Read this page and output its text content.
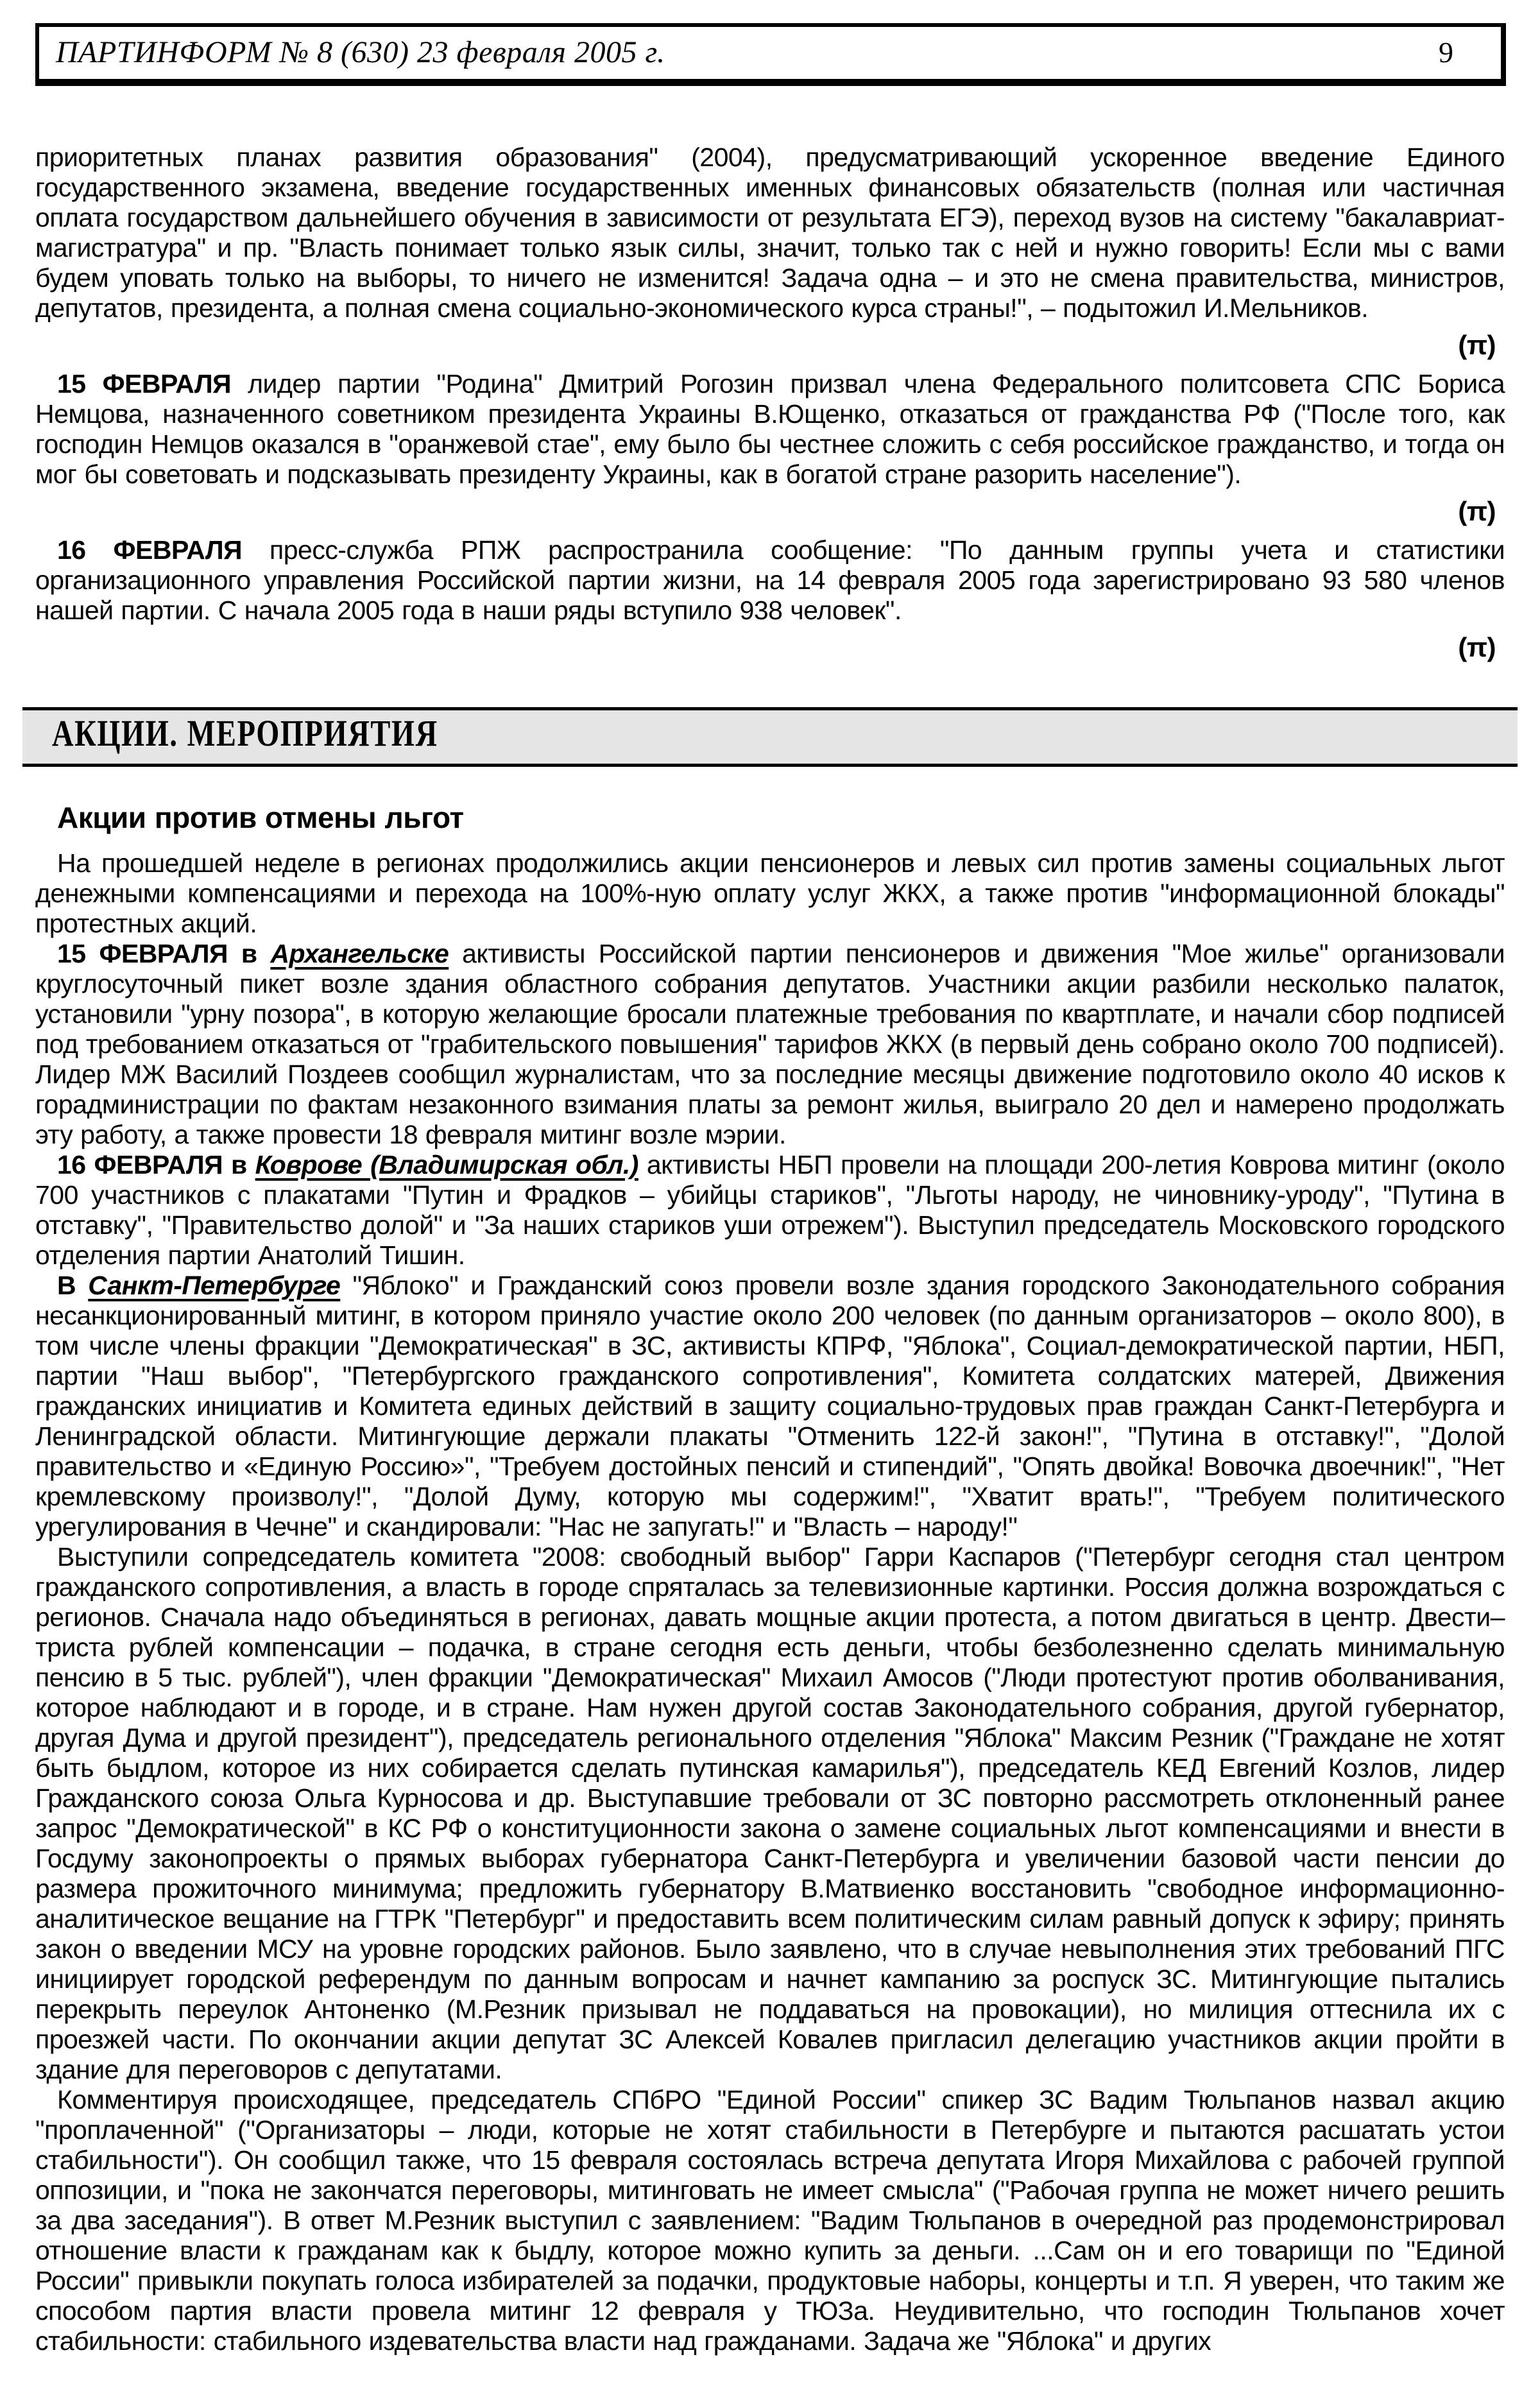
ПАРТИНФОРМ № 8 (630) 23 февраля 2005 г.	9

приоритетных планах развития образования" (2004), предусматривающий ускоренное введение Единого государственного экзамена, введение государственных именных финансовых обязательств (полная или частичная оплата государством дальнейшего обучения в зависимости от результата ЕГЭ), переход вузов на систему "бакалавриат-магистратура" и пр. "Власть понимает только язык силы, значит, только так с ней и нужно говорить! Если мы с вами будем уповать только на выборы, то ничего не изменится! Задача одна – и это не смена правительства, министров, депутатов, президента, а полная смена социально-экономического курса страны!", – подытожил И.Мельников.

(π)

15 ФЕВРАЛЯ лидер партии "Родина" Дмитрий Рогозин призвал члена Федерального политсовета СПС Бориса Немцова, назначенного советником президента Украины В.Ющенко, отказаться от гражданства РФ ("После того, как господин Немцов оказался в "оранжевой стае", ему было бы честнее сложить с себя российское гражданство, и тогда он мог бы советовать и подсказывать президенту Украины, как в богатой стране разорить население").

(π)

16 ФЕВРАЛЯ пресс-служба РПЖ распространила сообщение: "По данным группы учета и статистики организационного управления Российской партии жизни, на 14 февраля 2005 года зарегистрировано 93 580 членов нашей партии. С начала 2005 года в наши ряды вступило 938 человек".

(π)
АКЦИИ. МЕРОПРИЯТИЯ
Акции против отмены льгот

На прошедшей неделе в регионах продолжились акции пенсионеров и левых сил против замены социальных льгот денежными компенсациями и перехода на 100%-ную оплату услуг ЖКХ, а также против "информационной блокады" протестных акций.

15 ФЕВРАЛЯ в Архангельске активисты Российской партии пенсионеров и движения "Мое жилье" организовали круглосуточный пикет возле здания областного собрания депутатов. Участники акции разбили несколько палаток, установили "урну позора", в которую желающие бросали платежные требования по квартплате, и начали сбор подписей под требованием отказаться от "грабительского повышения" тарифов ЖКХ (в первый день собрано около 700 подписей). Лидер МЖ Василий Поздеев сообщил журналистам, что за последние месяцы движение подготовило около 40 исков к горадминистрации по фактам незаконного взимания платы за ремонт жилья, выиграло 20 дел и намерено продолжать эту работу, а также провести 18 февраля митинг возле мэрии.

16 ФЕВРАЛЯ в Коврове (Владимирская обл.) активисты НБП провели на площади 200-летия Коврова митинг (около 700 участников с плакатами "Путин и Фрадков – убийцы стариков", "Льготы народу, не чиновнику-уроду", "Путина в отставку", "Правительство долой" и "За наших стариков уши отрежем"). Выступил председатель Московского городского отделения партии Анатолий Тишин.

В Санкт-Петербурге "Яблоко" и Гражданский союз провели возле здания городского Законодательного собрания несанкционированный митинг, в котором приняло участие около 200 человек (по данным организаторов – около 800), в том числе члены фракции "Демократическая" в ЗС, активисты КПРФ, "Яблока", Социал-демократической партии, НБП, партии "Наш выбор", "Петербургского гражданского сопротивления", Комитета солдатских матерей, Движения гражданских инициатив и Комитета единых действий в защиту социально-трудовых прав граждан Санкт-Петербурга и Ленинградской области. Митингующие держали плакаты "Отменить 122-й закон!", "Путина в отставку!", "Долой правительство и «Единую Россию»", "Требуем достойных пенсий и стипендий", "Опять двойка! Вовочка двоечник!", "Нет кремлевскому произволу!", "Долой Думу, которую мы содержим!", "Хватит врать!", "Требуем политического урегулирования в Чечне" и скандировали: "Нас не запугать!" и "Власть – народу!"

Выступили сопредседатель комитета "2008: свободный выбор" Гарри Каспаров ("Петербург сегодня стал центром гражданского сопротивления, а власть в городе спряталась за телевизионные картинки. Россия должна возрождаться с регионов. Сначала надо объединяться в регионах, давать мощные акции протеста, а потом двигаться в центр. Двести–триста рублей компенсации – подачка, в стране сегодня есть деньги, чтобы безболезненно сделать минимальную пенсию в 5 тыс. рублей"), член фракции "Демократическая" Михаил Амосов ("Люди протестуют против оболванивания, которое наблюдают и в городе, и в стране. Нам нужен другой состав Законодательного собрания, другой губернатор, другая Дума и другой президент"), председатель регионального отделения "Яблока" Максим Резник ("Граждане не хотят быть быдлом, которое из них собирается сделать путинская камарилья"), председатель КЕД Евгений Козлов, лидер Гражданского союза Ольга Курносова и др. Выступавшие требовали от ЗС повторно рассмотреть отклоненный ранее запрос "Демократической" в КС РФ о конституционности закона о замене социальных льгот компенсациями и внести в Госдуму законопроекты о прямых выборах губернатора Санкт-Петербурга и увеличении базовой части пенсии до размера прожиточного минимума; предложить губернатору В.Матвиенко восстановить "свободное информационно-аналитическое вещание на ГТРК "Петербург" и предоставить всем политическим силам равный допуск к эфиру; принять закон о введении МСУ на уровне городских районов. Было заявлено, что в случае невыполнения этих требований ПГС инициирует городской референдум по данным вопросам и начнет кампанию за роспуск ЗС. Митингующие пытались перекрыть переулок Антоненко (М.Резник призывал не поддаваться на провокации), но милиция оттеснила их с проезжей части. По окончании акции депутат ЗС Алексей Ковалев пригласил делегацию участников акции пройти в здание для переговоров с депутатами.

Комментируя происходящее, председатель СПбРО "Единой России" спикер ЗС Вадим Тюльпанов назвал акцию "проплаченной" ("Организаторы – люди, которые не хотят стабильности в Петербурге и пытаются расшатать устои стабильности"). Он сообщил также, что 15 февраля состоялась встреча депутата Игоря Михайлова с рабочей группой оппозиции, и "пока не закончатся переговоры, митинговать не имеет смысла" ("Рабочая группа не может ничего решить за два заседания"). В ответ М.Резник выступил с заявлением: "Вадим Тюльпанов в очередной раз продемонстрировал отношение власти к гражданам как к быдлу, которое можно купить за деньги. ...Сам он и его товарищи по "Единой России" привыкли покупать голоса избирателей за подачки, продуктовые наборы, концерты и т.п. Я уверен, что таким же способом партия власти провела митинг 12 февраля у ТЮЗа. Неудивительно, что господин Тюльпанов хочет стабильности: стабильного издевательства власти над гражданами. Задача же "Яблока" и других
